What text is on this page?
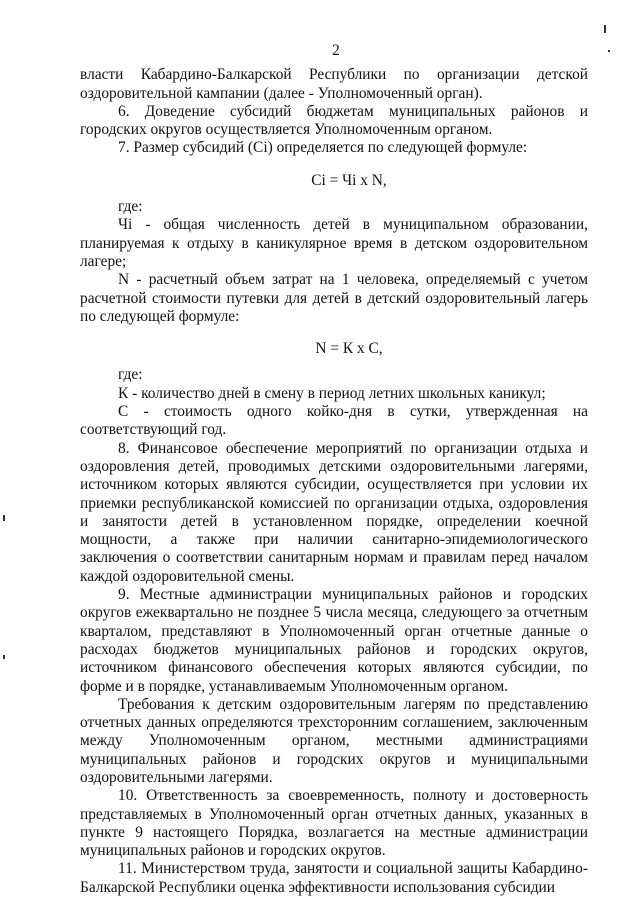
2

власти Кабардино-Балкарской Республики по организации детской оздоровительной кампании (далее - Уполномоченный орган).

6. Доведение субсидий бюджетам муниципальных районов и городских округов осуществляется Уполномоченным органом.

7. Размер субсидий (Сi) определяется по следующей формуле:

Сi = Чi х N,

где:

Чi - общая численность детей в муниципальном образовании, планируемая к отдыху в каникулярное время в детском оздоровительном лагере;

N - расчетный объем затрат на 1 человека, определяемый с учетом расчетной стоимости путевки для детей в детский оздоровительный лагерь по следующей формуле:

N = К х С,

где:

К - количество дней в смену в период летних школьных каникул;

С - стоимость одного койко-дня в сутки, утвержденная на соответствующий год.

8. Финансовое обеспечение мероприятий по организации отдыха и оздоровления детей, проводимых детскими оздоровительными лагерями, источником которых являются субсидии, осуществляется при условии их приемки республиканской комиссией по организации отдыха, оздоровления и занятости детей в установленном порядке, определении коечной мощности, а также при наличии санитарно-эпидемиологического заключения о соответствии санитарным нормам и правилам перед началом каждой оздоровительной смены.

9. Местные администрации муниципальных районов и городских округов ежеквартально не позднее 5 числа месяца, следующего за отчетным кварталом, представляют в Уполномоченный орган отчетные данные о расходах бюджетов муниципальных районов и городских округов, источником финансового обеспечения которых являются субсидии, по форме и в порядке, устанавливаемым Уполномоченным органом.

Требования к детским оздоровительным лагерям по представлению отчетных данных определяются трехсторонним соглашением, заключенным между Уполномоченным органом, местными администрациями муниципальных районов и городских округов и муниципальными оздоровительными лагерями.

10. Ответственность за своевременность, полноту и достоверность представляемых в Уполномоченный орган отчетных данных, указанных в пункте 9 настоящего Порядка, возлагается на местные администрации муниципальных районов и городских округов.

11. Министерством труда, занятости и социальной защиты Кабардино-Балкарской Республики оценка эффективности использования субсидии
